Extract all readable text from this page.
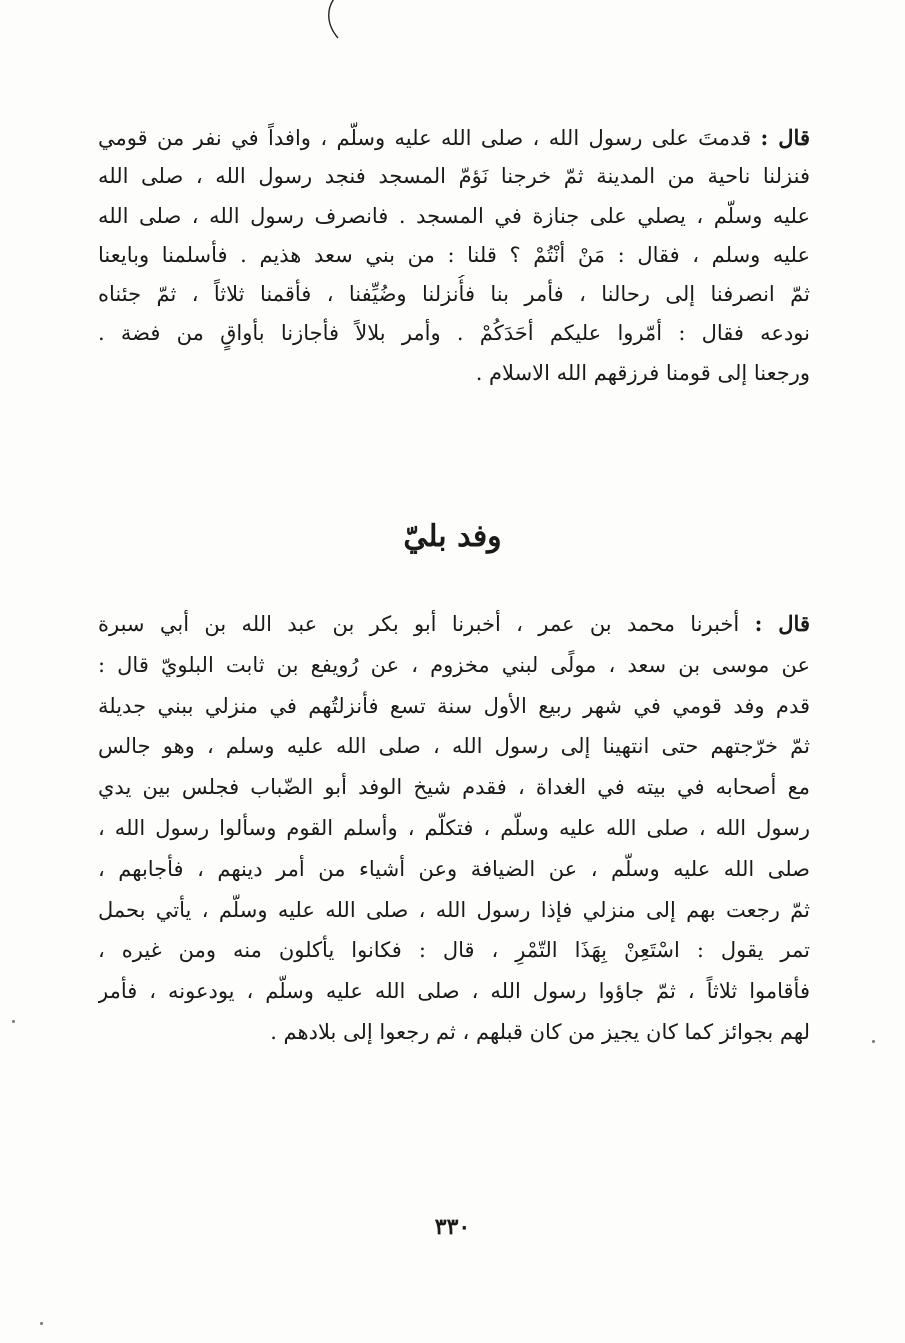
قال : قدمتَ على رسول الله ، صلى الله عليه وسلّم ، وافداً في نفر من قومي
فنزلنا ناحية من المدينة ثمّ خرجنا نَؤمّ المسجد فنجد رسول الله ، صلى الله
عليه وسلّم ، يصلي على جنازة في المسجد . فانصرف رسول الله ، صلى الله
عليه وسلم ، فقال : مَنْ أنْتُمْ ؟ قلنا : من بني سعد هذيم . فأسلمنا وبايعنا
ثمّ انصرفنا إلى رحالنا ، فأمر بنا فأُنزلنا وضُيِّفنا ، فأقمنا ثلاثاً ، ثمّ جئناه
نودعه فقال : أمّروا عليكم أحَدَكُمْ . وأمر بلالاً فأجازنا بأواقٍ من فضة .
ورجعنا إلى قومنا فرزقهم الله الاسلام .
وفد بليّ
قال : أخبرنا محمد بن عمر ، أخبرنا أبو بكر بن عبد الله بن أبي سبرة
عن موسى بن سعد ، مولًى لبني مخزوم ، عن رُويفع بن ثابت البلويّ قال :
قدم وفد قومي في شهر ربيع الأول سنة تسع فأنزلتُهم في منزلي ببني جديلة
ثمّ خرّجتهم حتى انتهينا إلى رسول الله ، صلى الله عليه وسلم ، وهو جالس
مع أصحابه في بيته في الغداة ، فقدم شيخ الوفد أبو الضّباب فجلس بين يدي
رسول الله ، صلى الله عليه وسلّم ، فتكلّم ، وأسلم القوم وسألوا رسول الله ،
صلى الله عليه وسلّم ، عن الضيافة وعن أشياء من أمر دينهم ، فأجابهم ،
ثمّ رجعت بهم إلى منزلي فإذا رسول الله ، صلى الله عليه وسلّم ، يأتي بحمل
تمر يقول : اسْتَعِنْ بِهَذَا التّمْرِ ، قال : فكانوا يأكلون منه ومن غيره ،
فأقاموا ثلاثاً ، ثمّ جاؤوا رسول الله ، صلى الله عليه وسلّم ، يودعونه ، فأمر
لهم بجوائز كما كان يجيز من كان قبلهم ، ثم رجعوا إلى بلادهم .
٣٣٠
